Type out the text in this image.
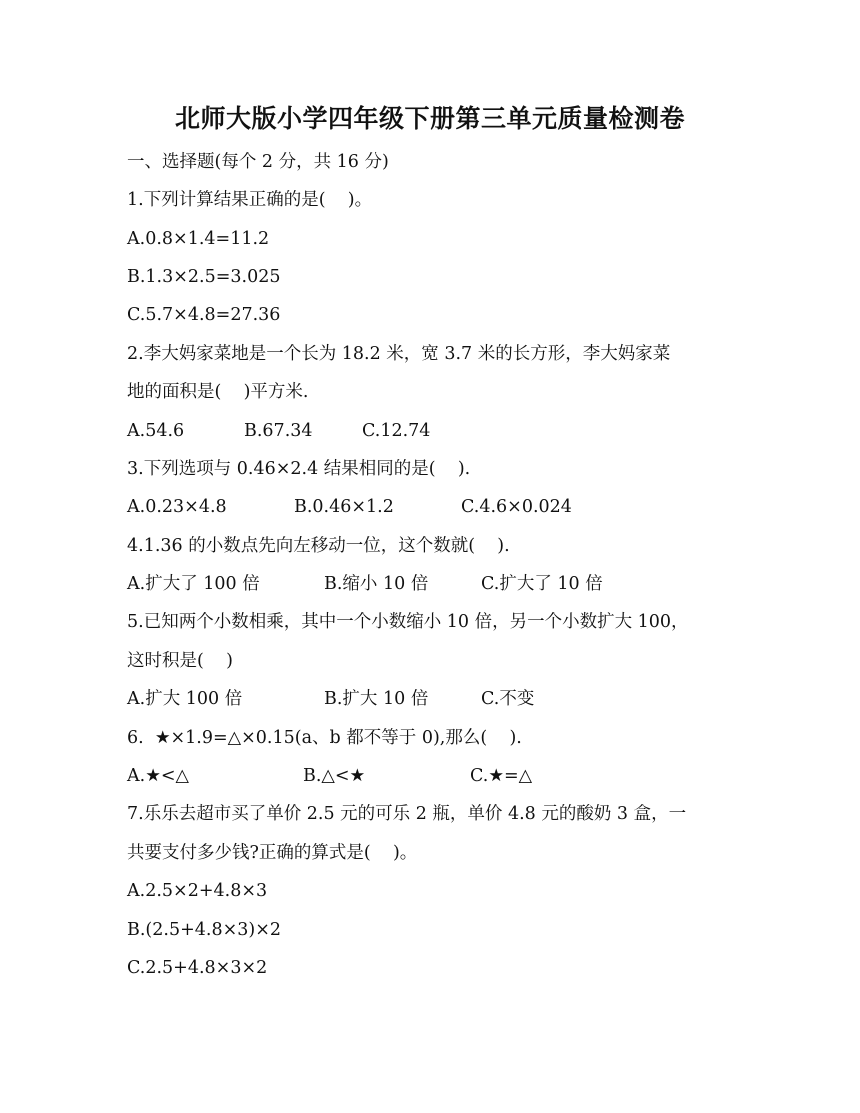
北师大版小学四年级下册第三单元质量检测卷
一、选择题(每个 2 分，共 16 分)
1.下列计算结果正确的是(    )。
A.0.8×1.4=11.2
B.1.3×2.5=3.025
C.5.7×4.8=27.36
2.李大妈家菜地是一个长为 18.2 米，宽 3.7 米的长方形，李大妈家菜
地的面积是(    )平方米.
A.54.6	B.67.34	C.12.74
3.下列选项与 0.46×2.4 结果相同的是(    ).
A.0.23×4.8	B.0.46×1.2	C.4.6×0.024
4.1.36 的小数点先向左移动一位，这个数就(    ).
A.扩大了 100 倍	B.缩小 10 倍	C.扩大了 10 倍
5.已知两个小数相乘，其中一个小数缩小 10 倍，另一个小数扩大 100，
这时积是(    )
A.扩大 100 倍	B.扩大 10 倍	C.不变
6.  ★×1.9=△×0.15(a、b 都不等于 0),那么(    ).
A.★<△	B.△<★	C.★=△
7.乐乐去超市买了单价 2.5 元的可乐 2 瓶，单价 4.8 元的酸奶 3 盒，一
共要支付多少钱?正确的算式是(    )。
A.2.5×2+4.8×3
B.(2.5+4.8×3)×2
C.2.5+4.8×3×2
